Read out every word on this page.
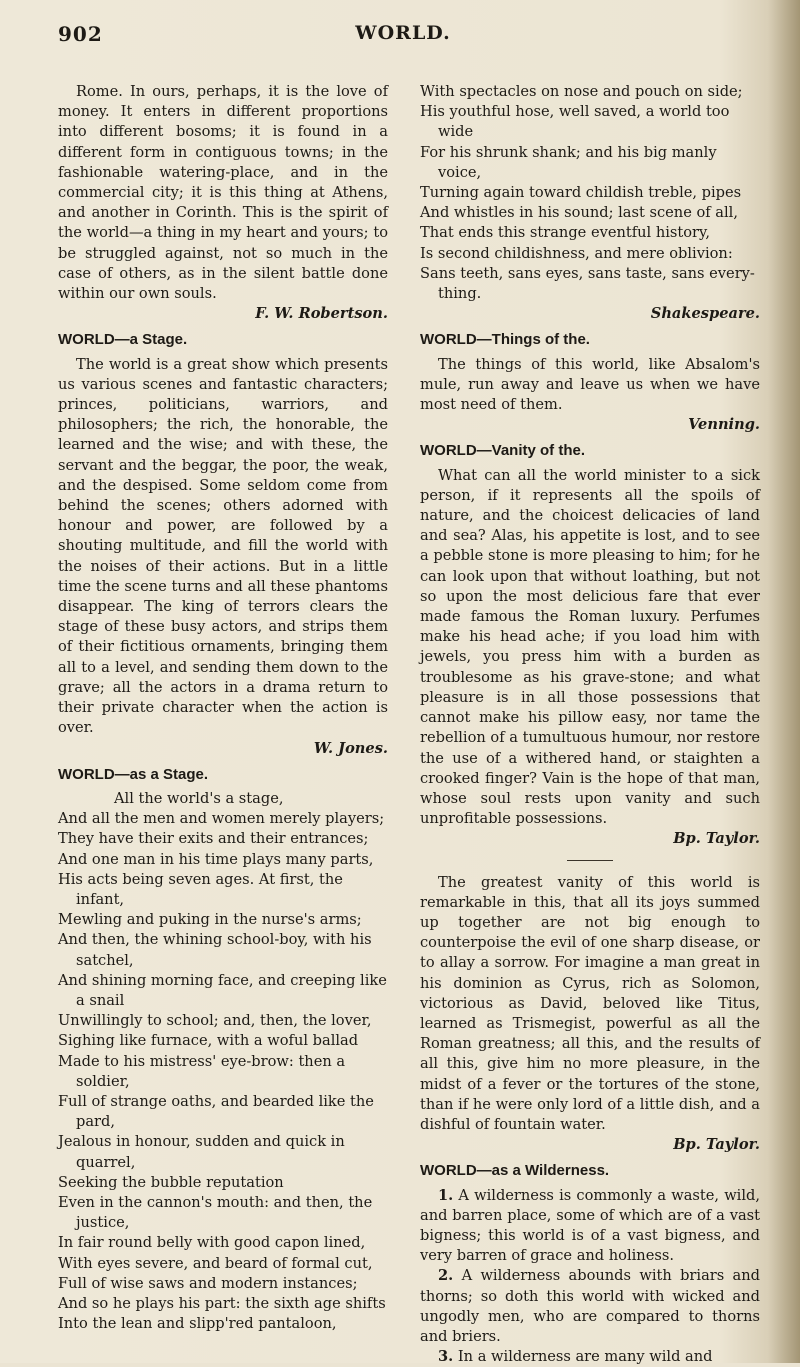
902	WORLD.

Rome. In ours, perhaps, it is the love of money. It enters in different proportions into different bosoms; it is found in a different form in contiguous towns; in the fashionable watering-place, and in the commercial city; it is this thing at Athens, and another in Corinth. This is the spirit of the world—a thing in my heart and yours; to be struggled against, not so much in the case of others, as in the silent battle done within our own souls.

F. W. Robertson.

WORLD—a Stage.

The world is a great show which presents us various scenes and fantastic characters; princes, politicians, warriors, and philosophers; the rich, the honorable, the learned and the wise; and with these, the servant and the beggar, the poor, the weak, and the despised. Some seldom come from behind the scenes; others adorned with honour and power, are followed by a shouting multitude, and fill the world with the noises of their actions. But in a little time the scene turns and all these phantoms disappear. The king of terrors clears the stage of these busy actors, and strips them of their fictitious ornaments, bringing them all to a level, and sending them down to the grave; all the actors in a drama return to their private character when the action is over.

W. Jones.

WORLD—as a Stage.

All the world's a stage,

And all the men and women merely players;

They have their exits and their entrances;

And one man in his time plays many parts,

His acts being seven ages. At first, the infant,

Mewling and puking in the nurse's arms;

And then, the whining school-boy, with his satchel,

And shining morning face, and creeping like a snail

Unwillingly to school; and, then, the lover,

Sighing like furnace, with a woful ballad

Made to his mistress' eye-brow: then a soldier,

Full of strange oaths, and bearded like the pard,

Jealous in honour, sudden and quick in quarrel,

Seeking the bubble reputation

Even in the cannon's mouth: and then, the justice,

In fair round belly with good capon lined,

With eyes severe, and beard of formal cut,

Full of wise saws and modern instances;

And so he plays his part: the sixth age shifts

Into the lean and slipp'red pantaloon,

With spectacles on nose and pouch on side;

His youthful hose, well saved, a world too wide

For his shrunk shank; and his big manly voice,

Turning again toward childish treble, pipes

And whistles in his sound; last scene of all,

That ends this strange eventful history,

Is second childishness, and mere oblivion:

Sans teeth, sans eyes, sans taste, sans every-thing.

Shakespeare.

WORLD—Things of the.

The things of this world, like Absalom's mule, run away and leave us when we have most need of them.

Venning.

WORLD—Vanity of the.

What can all the world minister to a sick person, if it represents all the spoils of nature, and the choicest delicacies of land and sea? Alas, his appetite is lost, and to see a pebble stone is more pleasing to him; for he can look upon that without loathing, but not so upon the most delicious fare that ever made famous the Roman luxury. Perfumes make his head ache; if you load him with jewels, you press him with a burden as troublesome as his grave-stone; and what pleasure is in all those possessions that cannot make his pillow easy, nor tame the rebellion of a tumultuous humour, nor restore the use of a withered hand, or staighten a crooked finger? Vain is the hope of that man, whose soul rests upon vanity and such unprofitable possessions.

Bp. Taylor.

The greatest vanity of this world is remarkable in this, that all its joys summed up together are not big enough to counterpoise the evil of one sharp disease, or to allay a sorrow. For imagine a man great in his dominion as Cyrus, rich as Solomon, victorious as David, beloved like Titus, learned as Trismegist, powerful as all the Roman greatness; all this, and the results of all this, give him no more pleasure, in the midst of a fever or the tortures of the stone, than if he were only lord of a little dish, and a dishful of fountain water.

Bp. Taylor.

WORLD—as a Wilderness.

1. A wilderness is commonly a waste, wild, and barren place, some of which are of a vast bigness; this world is of a vast bigness, and very barren of grace and holiness.

2. A wilderness abounds with briars and thorns; so doth this world with wicked and ungodly men, who are compared to thorns and briers.

3. In a wilderness are many wild and
